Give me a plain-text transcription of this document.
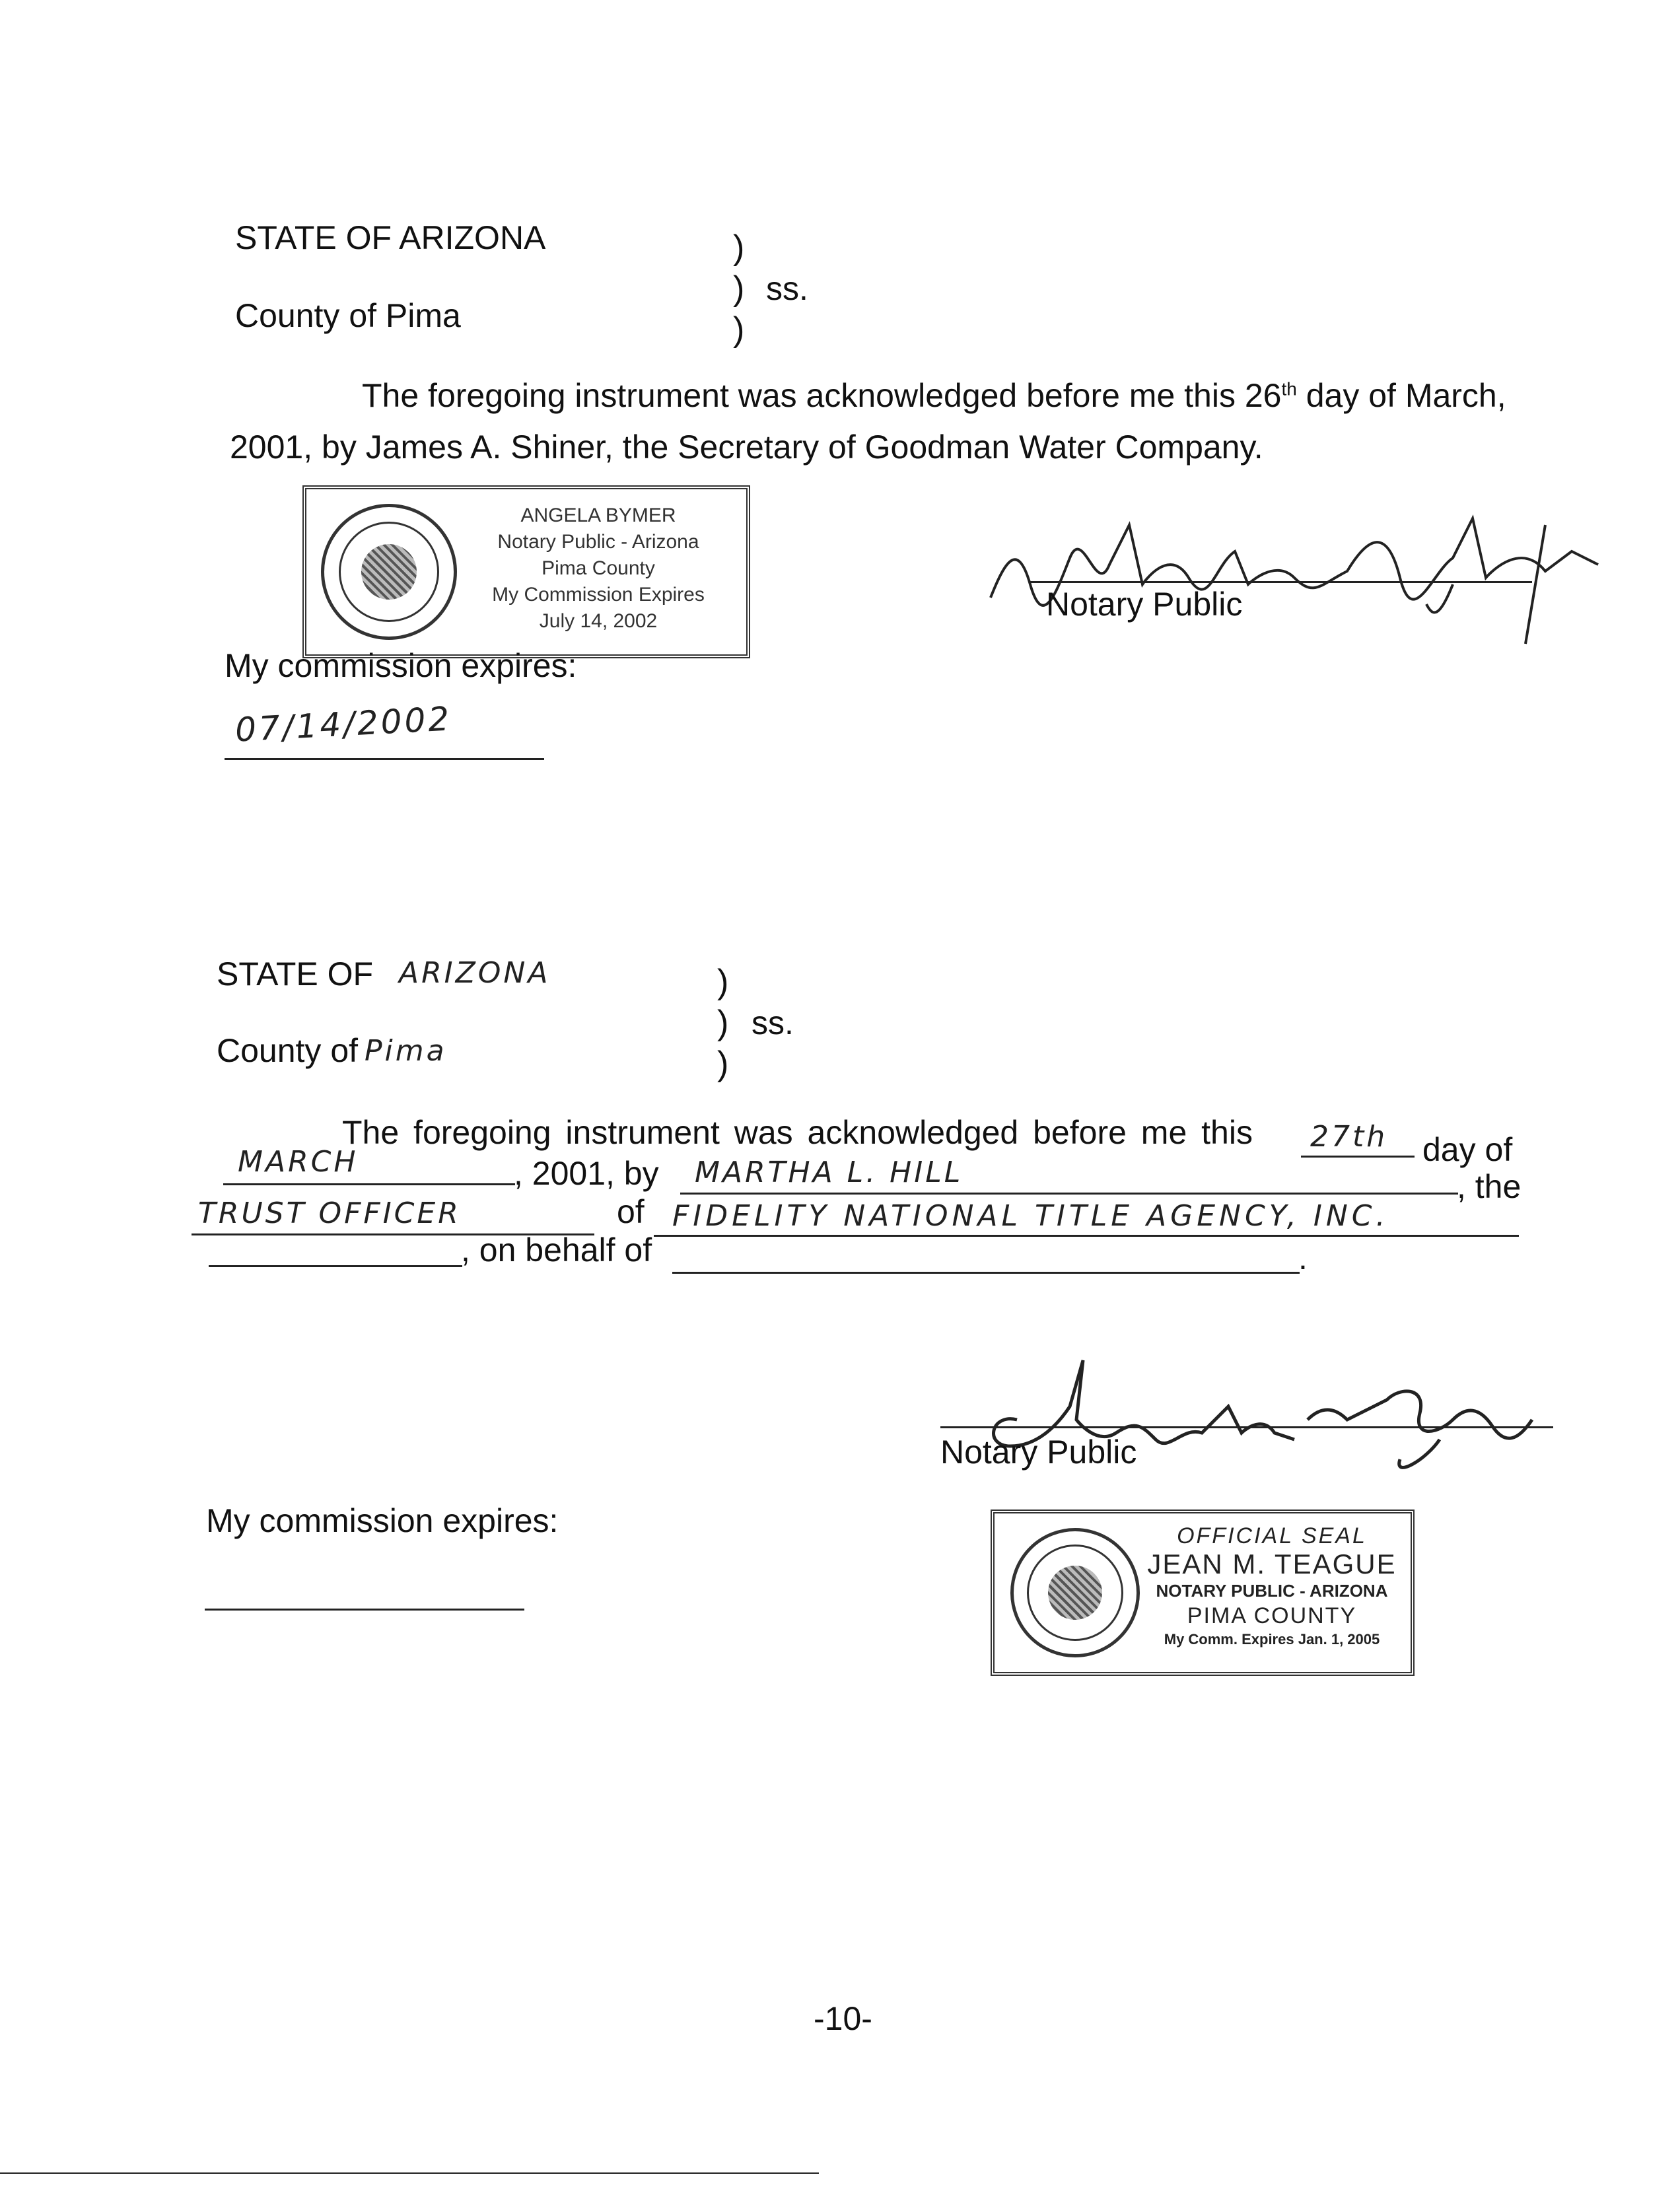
STATE OF ARIZONA
County of Pima
)
)
)
ss.
The foregoing instrument was acknowledged before me this 26th day of March,
2001, by James A. Shiner, the Secretary of Goodman Water Company.
ANGELA BYMER
Notary Public - Arizona
Pima County
My Commission Expires
July 14, 2002	Notary Public
My commission expires:
07/14/2002
STATE OF ARIZONA
County of Pima
)
)
)
ss.
The foregoing instrument was acknowledged before me this 27th day of
MARCH	, 2001, by MARTHA L. HILL	, the
TRUST OFFICER	of FIDELITY NATIONAL TITLE AGENCY, INC.
, on behalf of	.
Notary Public
My commission expires:	OFFICIAL SEAL
JEAN M. TEAGUE
NOTARY PUBLIC - ARIZONA
PIMA COUNTY
My Comm. Expires Jan. 1, 2005
-10-
